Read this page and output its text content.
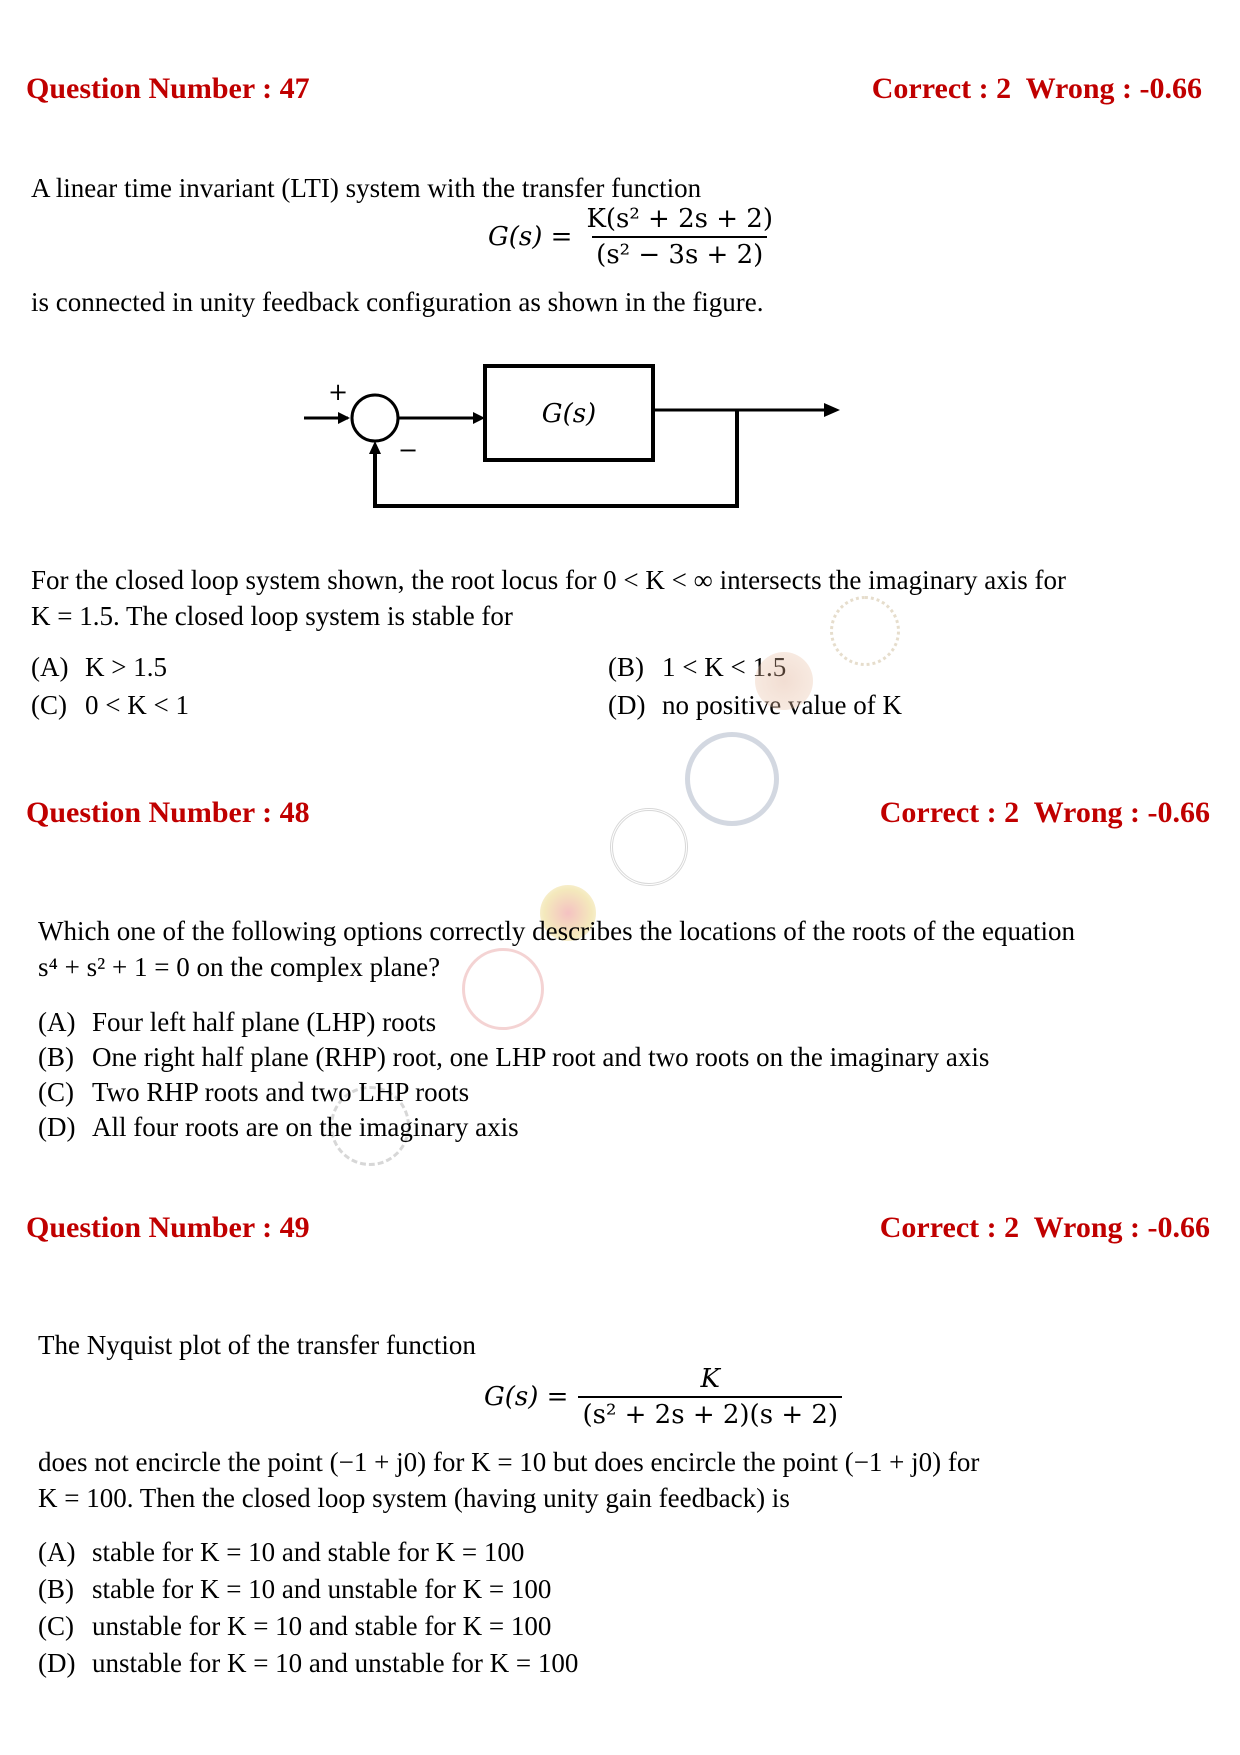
Question Number : 47	Correct : 2 Wrong : -0.66
A linear time invariant (LTI) system with the transfer function
$G(s) = \frac{\text{K(s² + 2s + 2)}}{\text{(s² − 3s + 2)}}$
is connected in unity feedback configuration as shown in the figure.
+
−
G(s)
For the closed loop system shown, the root locus for 0 < K < ∞ intersects the imaginary axis for
K = 1.5. The closed loop system is stable for
(A) K > 1.5	(B) 1 < K < 1.5
(C) 0 < K < 1	(D) no positive value of K
Question Number : 48	Correct : 2 Wrong : -0.66
Which one of the following options correctly describes the locations of the roots of the equation
s⁴ + s² + 1 = 0 on the complex plane?
(A) Four left half plane (LHP) roots
(B) One right half plane (RHP) root, one LHP root and two roots on the imaginary axis
(C) Two RHP roots and two LHP roots
(D) All four roots are on the imaginary axis
Question Number : 49	Correct : 2 Wrong : -0.66
The Nyquist plot of the transfer function
$G(s) = \frac{K}{\text{(s² + 2s + 2)(s + 2)}}$
does not encircle the point (−1 + j0) for K = 10 but does encircle the point (−1 + j0) for
K = 100. Then the closed loop system (having unity gain feedback) is
(A) stable for K = 10 and stable for K = 100
(B) stable for K = 10 and unstable for K = 100
(C) unstable for K = 10 and stable for K = 100
(D) unstable for K = 10 and unstable for K = 100
